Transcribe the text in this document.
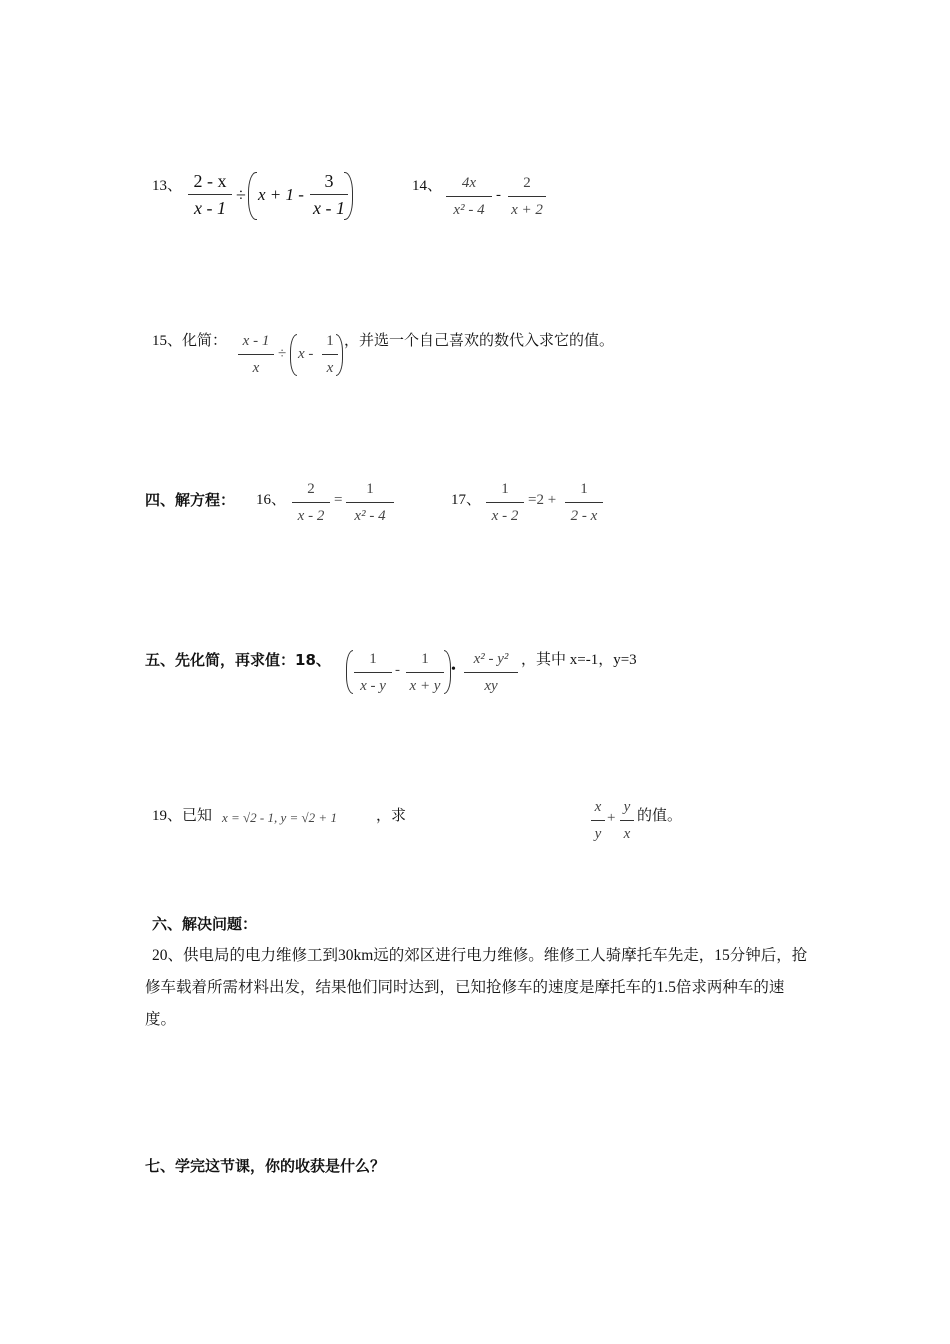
13、 2 - x
x - 1
÷ x + 1 -
3
x - 1
14、	4x
x² - 4
-
2
x + 2
15、化简：	x - 1
x
÷ x -
1
x
，并选一个自己喜欢的数代入求它的值。
四、解方程： 16、
2
x - 2
=
1
x² - 4
17、
1
x - 2
=2 +
1
2 - x
五、先化简，再求值：18、	1
x - y
-
1
x + y
•
x² - y²
xy
，其中 x=-1，y=3
19、已知 x = √2 - 1, y = √2 + 1	，求
x
y
+
y
x
的值。
六、解决问题：
20、供电局的电力维修工到30km远的郊区进行电力维修。维修工人骑摩托车先走，15分钟后，抢修车载着所需材料出发，结果他们同时达到，已知抢修车的速度是摩托车的1.5倍求两种车的速度。
七、学完这节课，你的收获是什么？
